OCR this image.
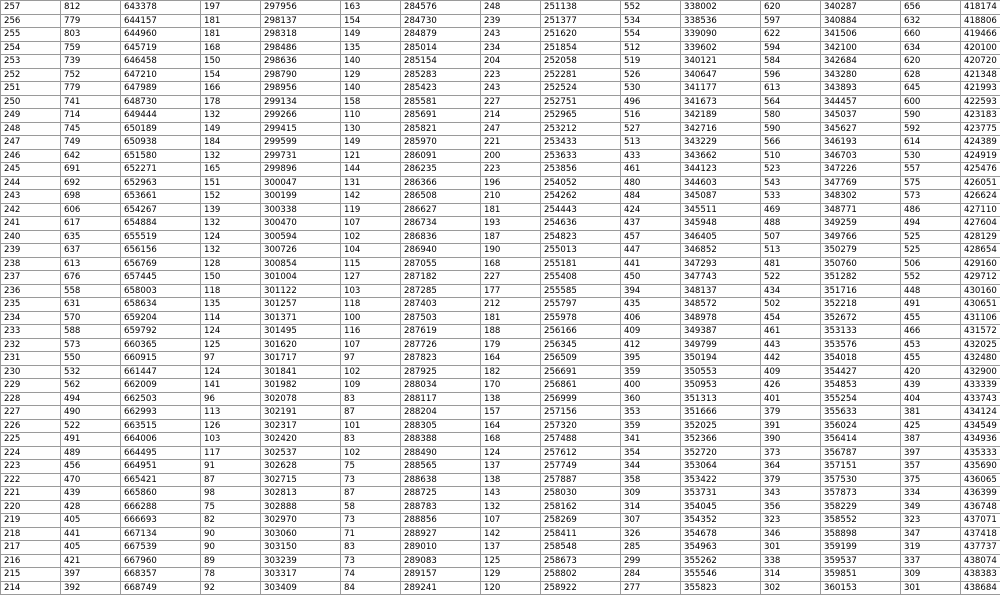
257	812	643378	197	297956	163	284576	248	251138	552	338002	620	340287	656	418174
256	779	644157	181	298137	154	284730	239	251377	534	338536	597	340884	632	418806
255	803	644960	181	298318	149	284879	243	251620	554	339090	622	341506	660	419466
254	759	645719	168	298486	135	285014	234	251854	512	339602	594	342100	634	420100
253	739	646458	150	298636	140	285154	204	252058	519	340121	584	342684	620	420720
252	752	647210	154	298790	129	285283	223	252281	526	340647	596	343280	628	421348
251	779	647989	166	298956	140	285423	243	252524	530	341177	613	343893	645	421993
250	741	648730	178	299134	158	285581	227	252751	496	341673	564	344457	600	422593
249	714	649444	132	299266	110	285691	214	252965	516	342189	580	345037	590	423183
248	745	650189	149	299415	130	285821	247	253212	527	342716	590	345627	592	423775
247	749	650938	184	299599	149	285970	221	253433	513	343229	566	346193	614	424389
246	642	651580	132	299731	121	286091	200	253633	433	343662	510	346703	530	424919
245	691	652271	165	299896	144	286235	223	253856	461	344123	523	347226	557	425476
244	692	652963	151	300047	131	286366	196	254052	480	344603	543	347769	575	426051
243	698	653661	152	300199	142	286508	210	254262	484	345087	533	348302	573	426624
242	606	654267	139	300338	119	286627	181	254443	424	345511	469	348771	486	427110
241	617	654884	132	300470	107	286734	193	254636	437	345948	488	349259	494	427604
240	635	655519	124	300594	102	286836	187	254823	457	346405	507	349766	525	428129
239	637	656156	132	300726	104	286940	190	255013	447	346852	513	350279	525	428654
238	613	656769	128	300854	115	287055	168	255181	441	347293	481	350760	506	429160
237	676	657445	150	301004	127	287182	227	255408	450	347743	522	351282	552	429712
236	558	658003	118	301122	103	287285	177	255585	394	348137	434	351716	448	430160
235	631	658634	135	301257	118	287403	212	255797	435	348572	502	352218	491	430651
234	570	659204	114	301371	100	287503	181	255978	406	348978	454	352672	455	431106
233	588	659792	124	301495	116	287619	188	256166	409	349387	461	353133	466	431572
232	573	660365	125	301620	107	287726	179	256345	412	349799	443	353576	453	432025
231	550	660915	97	301717	97	287823	164	256509	395	350194	442	354018	455	432480
230	532	661447	124	301841	102	287925	182	256691	359	350553	409	354427	420	432900
229	562	662009	141	301982	109	288034	170	256861	400	350953	426	354853	439	433339
228	494	662503	96	302078	83	288117	138	256999	360	351313	401	355254	404	433743
227	490	662993	113	302191	87	288204	157	257156	353	351666	379	355633	381	434124
226	522	663515	126	302317	101	288305	164	257320	359	352025	391	356024	425	434549
225	491	664006	103	302420	83	288388	168	257488	341	352366	390	356414	387	434936
224	489	664495	117	302537	102	288490	124	257612	354	352720	373	356787	397	435333
223	456	664951	91	302628	75	288565	137	257749	344	353064	364	357151	357	435690
222	470	665421	87	302715	73	288638	138	257887	358	353422	379	357530	375	436065
221	439	665860	98	302813	87	288725	143	258030	309	353731	343	357873	334	436399
220	428	666288	75	302888	58	288783	132	258162	314	354045	356	358229	349	436748
219	405	666693	82	302970	73	288856	107	258269	307	354352	323	358552	323	437071
218	441	667134	90	303060	71	288927	142	258411	326	354678	346	358898	347	437418
217	405	667539	90	303150	83	289010	137	258548	285	354963	301	359199	319	437737
216	421	667960	89	303239	73	289083	125	258673	299	355262	338	359537	337	438074
215	397	668357	78	303317	74	289157	129	258802	284	355546	314	359851	309	438383
214	392	668749	92	303409	84	289241	120	258922	277	355823	302	360153	301	438684
